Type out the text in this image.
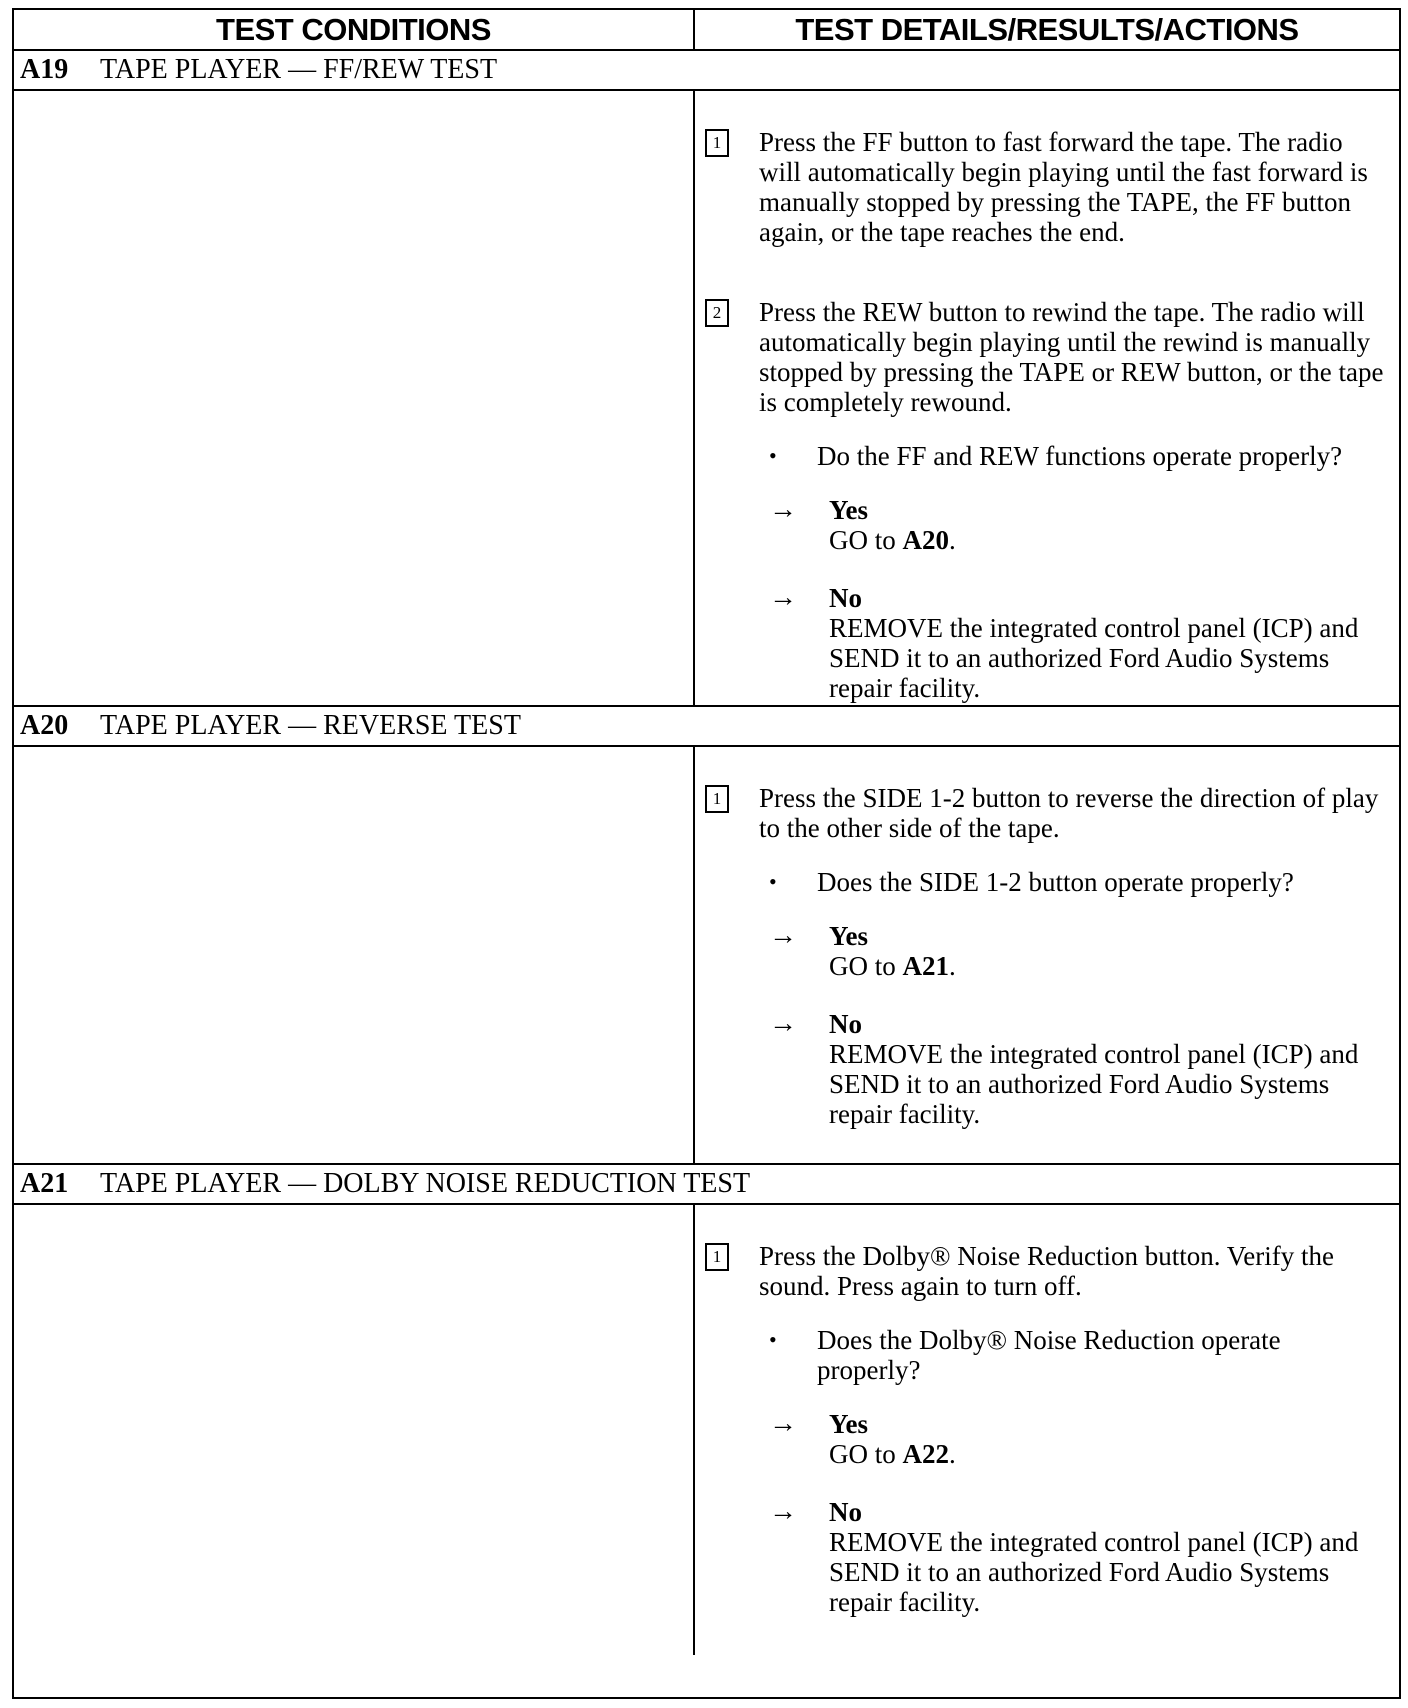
TEST CONDITIONS	TEST DETAILS/RESULTS/ACTIONS
A19	TAPE PLAYER — FF/REW TEST
1 Press the FF button to fast forward the tape. The radio will automatically begin playing until the fast forward is manually stopped by pressing the TAPE, the FF button again, or the tape reaches the end.
2 Press the REW button to rewind the tape. The radio will automatically begin playing until the rewind is manually stopped by pressing the TAPE or REW button, or the tape is completely rewound.
•	Do the FF and REW functions operate properly?
→	Yes
GO to A20.
→	No
REMOVE the integrated control panel (ICP) and SEND it to an authorized Ford Audio Systems repair facility.
A20	TAPE PLAYER — REVERSE TEST
1 Press the SIDE 1-2 button to reverse the direction of play to the other side of the tape.
•	Does the SIDE 1-2 button operate properly?
→	Yes
GO to A21.
→	No
REMOVE the integrated control panel (ICP) and SEND it to an authorized Ford Audio Systems repair facility.
A21	TAPE PLAYER — DOLBY NOISE REDUCTION TEST
1 Press the Dolby® Noise Reduction button. Verify the sound. Press again to turn off.
•	Does the Dolby® Noise Reduction operate properly?
→	Yes
GO to A22.
→	No
REMOVE the integrated control panel (ICP) and SEND it to an authorized Ford Audio Systems repair facility.
